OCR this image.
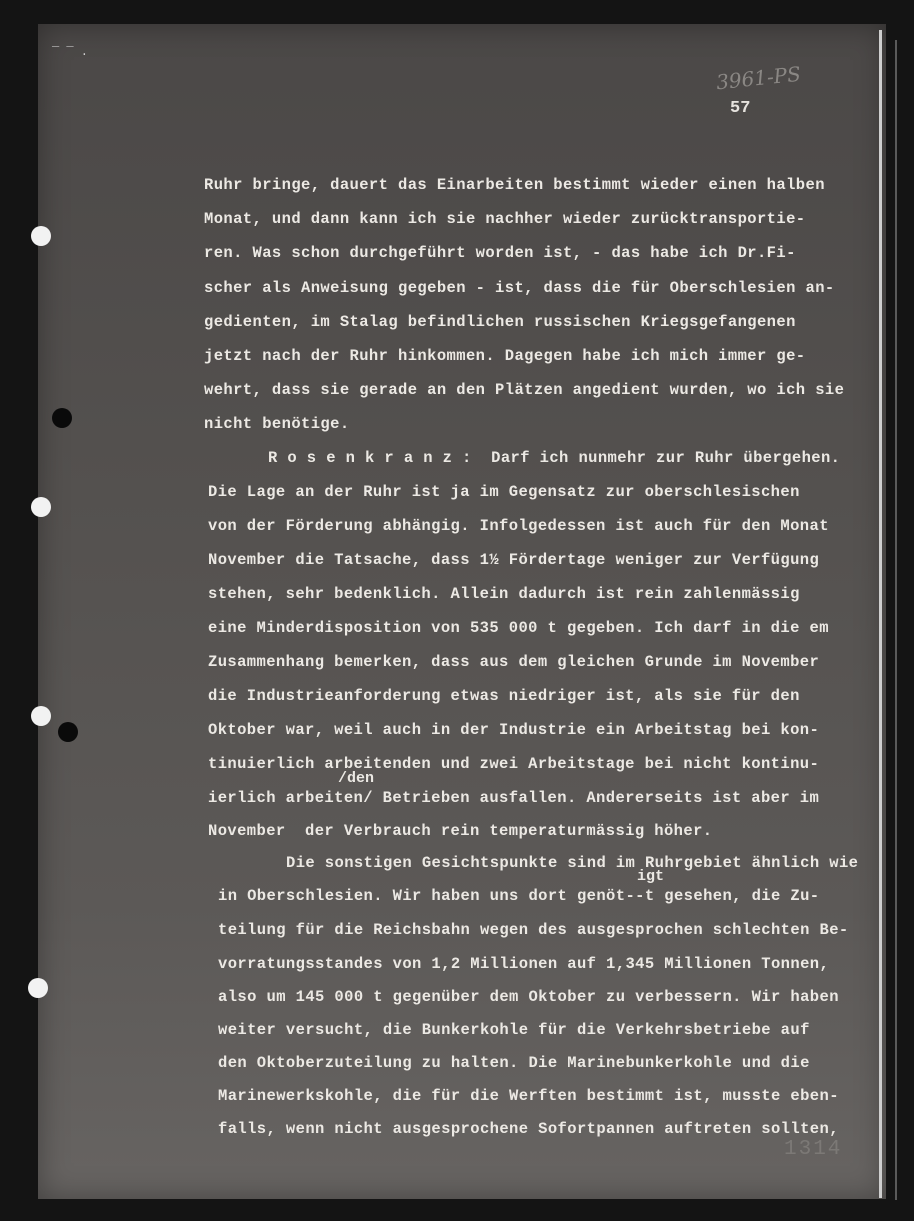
‾ ‾ .
3961-PS
57
Ruhr bringe, dauert das Einarbeiten bestimmt wieder einen halben
Monat, und dann kann ich sie nachher wieder zurücktransportie-
ren. Was schon durchgeführt worden ist, - das habe ich Dr.Fi-
scher als Anweisung gegeben - ist, dass die für Oberschlesien an-
gedienten, im Stalag befindlichen russischen Kriegsgefangenen
jetzt nach der Ruhr hinkommen. Dagegen habe ich mich immer ge-
wehrt, dass sie gerade an den Plätzen angedient wurden, wo ich sie
nicht benötige.
R o s e n k r a n z :  Darf ich nunmehr zur Ruhr übergehen.
Die Lage an der Ruhr ist ja im Gegensatz zur oberschlesischen
von der Förderung abhängig. Infolgedessen ist auch für den Monat
November die Tatsache, dass 1½ Fördertage weniger zur Verfügung
stehen, sehr bedenklich. Allein dadurch ist rein zahlenmässig
eine Minderdisposition von 535 000 t gegeben. Ich darf in die em
Zusammenhang bemerken, dass aus dem gleichen Grunde im November
die Industrieanforderung etwas niedriger ist, als sie für den
Oktober war, weil auch in der Industrie ein Arbeitstag bei kon-
tinuierlich arbeitenden und zwei Arbeitstage bei nicht kontinu-
/den
ierlich arbeiten/ Betrieben ausfallen. Andererseits ist aber im
November  der Verbrauch rein temperaturmässig höher.
Die sonstigen Gesichtspunkte sind im Ruhrgebiet ähnlich wie
igt
in Oberschlesien. Wir haben uns dort genöt--t gesehen, die Zu-
teilung für die Reichsbahn wegen des ausgesprochen schlechten Be-
vorratungsstandes von 1,2 Millionen auf 1,345 Millionen Tonnen,
also um 145 000 t gegenüber dem Oktober zu verbessern. Wir haben
weiter versucht, die Bunkerkohle für die Verkehrsbetriebe auf
den Oktoberzuteilung zu halten. Die Marinebunkerkohle und die
Marinewerkskohle, die für die Werften bestimmt ist, musste eben-
falls, wenn nicht ausgesprochene Sofortpannen auftreten sollten,
1314
